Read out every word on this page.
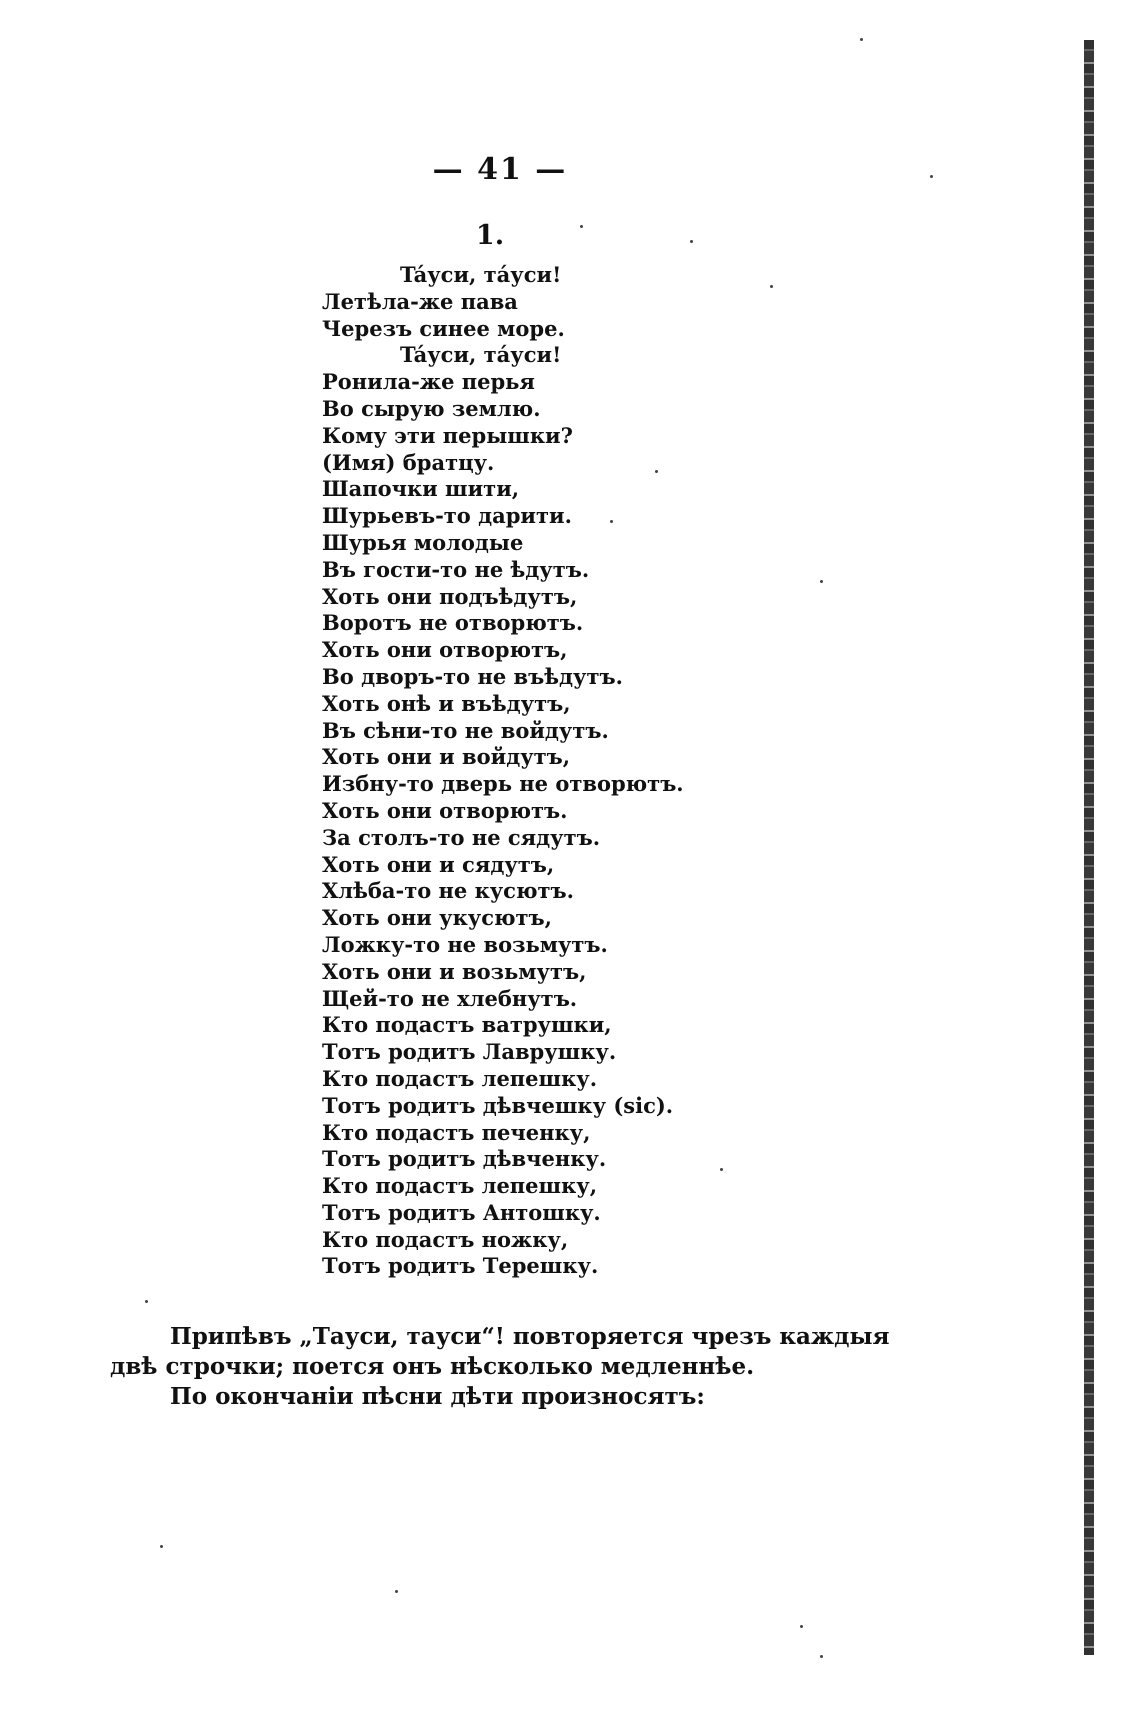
— 41 —
1.
Táуси, тáуси!
Летѣла-же пава
Черезъ синее море.
Táуси, тáуси!
Ронила-же перья
Во сырую землю.
Кому эти перышки?
(Имя) братцу.
Шапочки шити,
Шурьевъ-то дарити.
Шурья молодые
Въ гости-то не ѣдутъ.
Хоть они подъѣдутъ,
Воротъ не отворютъ.
Хоть они отворютъ,
Во дворъ-то не въѣдутъ.
Хоть онѣ и въѣдутъ,
Въ сѣни-то не войдутъ.
Хоть они и войдутъ,
Избну-то дверь не отворютъ.
Хоть они отворютъ.
За столъ-то не сядутъ.
Хоть они и сядутъ,
Хлѣба-то не кусютъ.
Хоть они укусютъ,
Ложку-то не возьмутъ.
Хоть они и возьмутъ,
Щей-то не хлебнутъ.
Кто подастъ ватрушки,
Тотъ родитъ Лаврушку.
Кто подастъ лепешку.
Тотъ родитъ дѣвчешку (sic).
Кто подастъ печенку,
Тотъ родитъ дѣвченку.
Кто подастъ лепешку,
Тотъ родитъ Антошку.
Кто подастъ ножку,
Тотъ родитъ Терешку.

Припѣвъ „Тауси, тауси“! повторяется чрезъ каждыя двѣ строчки; поется онъ нѣсколько медленнѣе.

По окончанiи пѣсни дѣти произносятъ:
